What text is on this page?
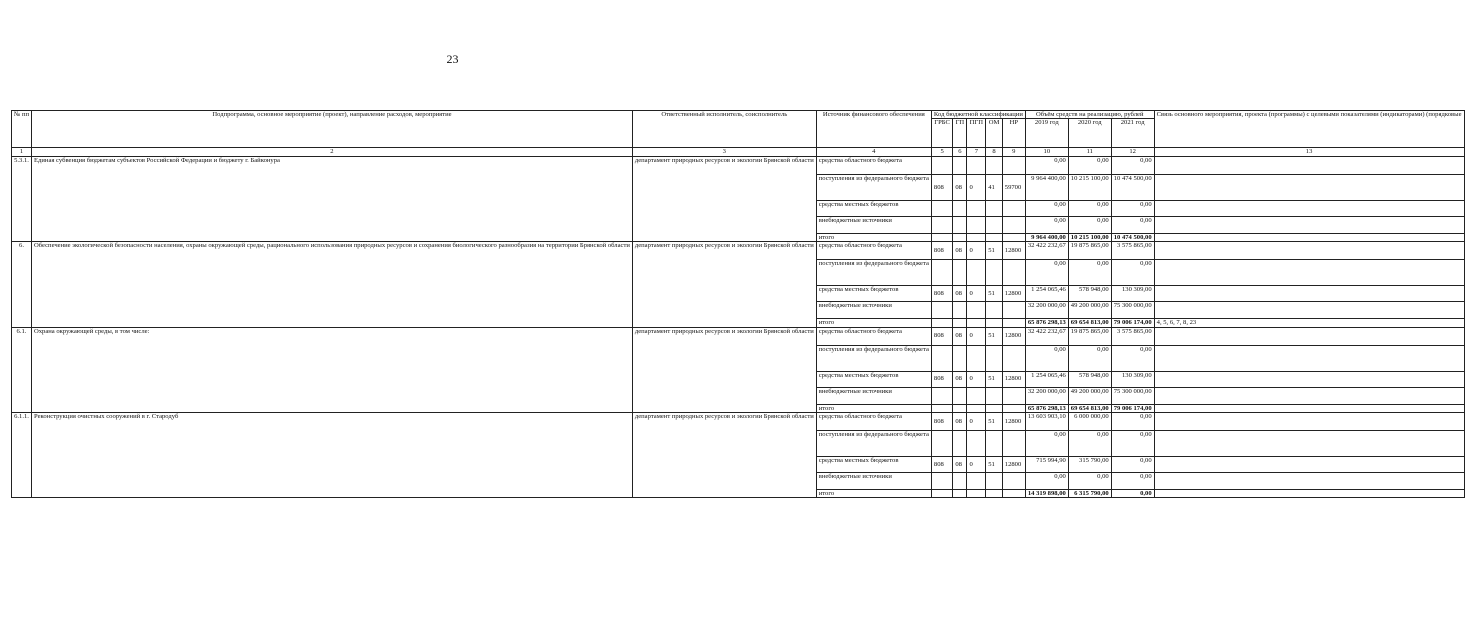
23
№ пп	Подпрограмма, основное мероприятие (проект), направление расходов, мероприятие	Ответственный исполнитель, соисполнитель	Источник финансового обеспечения	Код бюджетной классификации					Объём средств на реализацию, рублей			Связь основного мероприятия, проекта (программы) с целевыми показателями (индикаторами) (порядковые
				ГРБС	ГП	ПГП	ОМ	НР	2019 год	2020 год	2021 год	
1	2	3	4	5	6	7	8	9	10	11	12	13
5.3.1.	Единая субвенция бюджетам субъектов Российской Федерации и бюджету г. Байконура	департамент природных ресурсов и экологии Брянской области	средства областного бюджета						0,00	0,00	0,00	
			поступления из федерального бюджета	808	08	0	41	59700	9 964 400,00	10 215 100,00	10 474 500,00	
			средства местных бюджетов						0,00	0,00	0,00	
			внебюджетные источники						0,00	0,00	0,00	
			итого						9 964 400,00	10 215 100,00	10 474 500,00	
6.	Обеспечение экологической безопасности населения, охраны окружающей среды, рационального использования природных ресурсов и сохранения биологического разнообразия на территории Брянской области	департамент природных ресурсов и экологии Брянской области	средства областного бюджета	808	08	0	51	12800	32 422 232,67	19 875 865,00	3 575 865,00	
			поступления из федерального бюджета						0,00	0,00	0,00	
			средства местных бюджетов	808	08	0	51	12800	1 254 065,46	578 948,00	130 309,00	
			внебюджетные источники						32 200 000,00	49 200 000,00	75 300 000,00	
			итого						65 876 298,13	69 654 813,00	79 006 174,00	4, 5, 6, 7, 8, 23
6.1.	Охрана окружающей среды, в том числе:	департамент природных ресурсов и экологии Брянской области	средства областного бюджета	808	08	0	51	12800	32 422 232,67	19 875 865,00	3 575 865,00	
			поступления из федерального бюджета						0,00	0,00	0,00	
			средства местных бюджетов	808	08	0	51	12800	1 254 065,46	578 948,00	130 309,00	
			внебюджетные источники						32 200 000,00	49 200 000,00	75 300 000,00	
			итого						65 876 298,13	69 654 813,00	79 006 174,00	
6.1.1.	Реконструкция очистных сооружений в г. Стародуб	департамент природных ресурсов и экологии Брянской области	средства областного бюджета	808	08	0	51	12800	13 603 903,10	6 000 000,00	0,00	
			поступления из федерального бюджета						0,00	0,00	0,00	
			средства местных бюджетов	808	08	0	51	12800	715 994,90	315 790,00	0,00	
			внебюджетные источники						0,00	0,00	0,00	
			итого						14 319 898,00	6 315 790,00	0,00	
